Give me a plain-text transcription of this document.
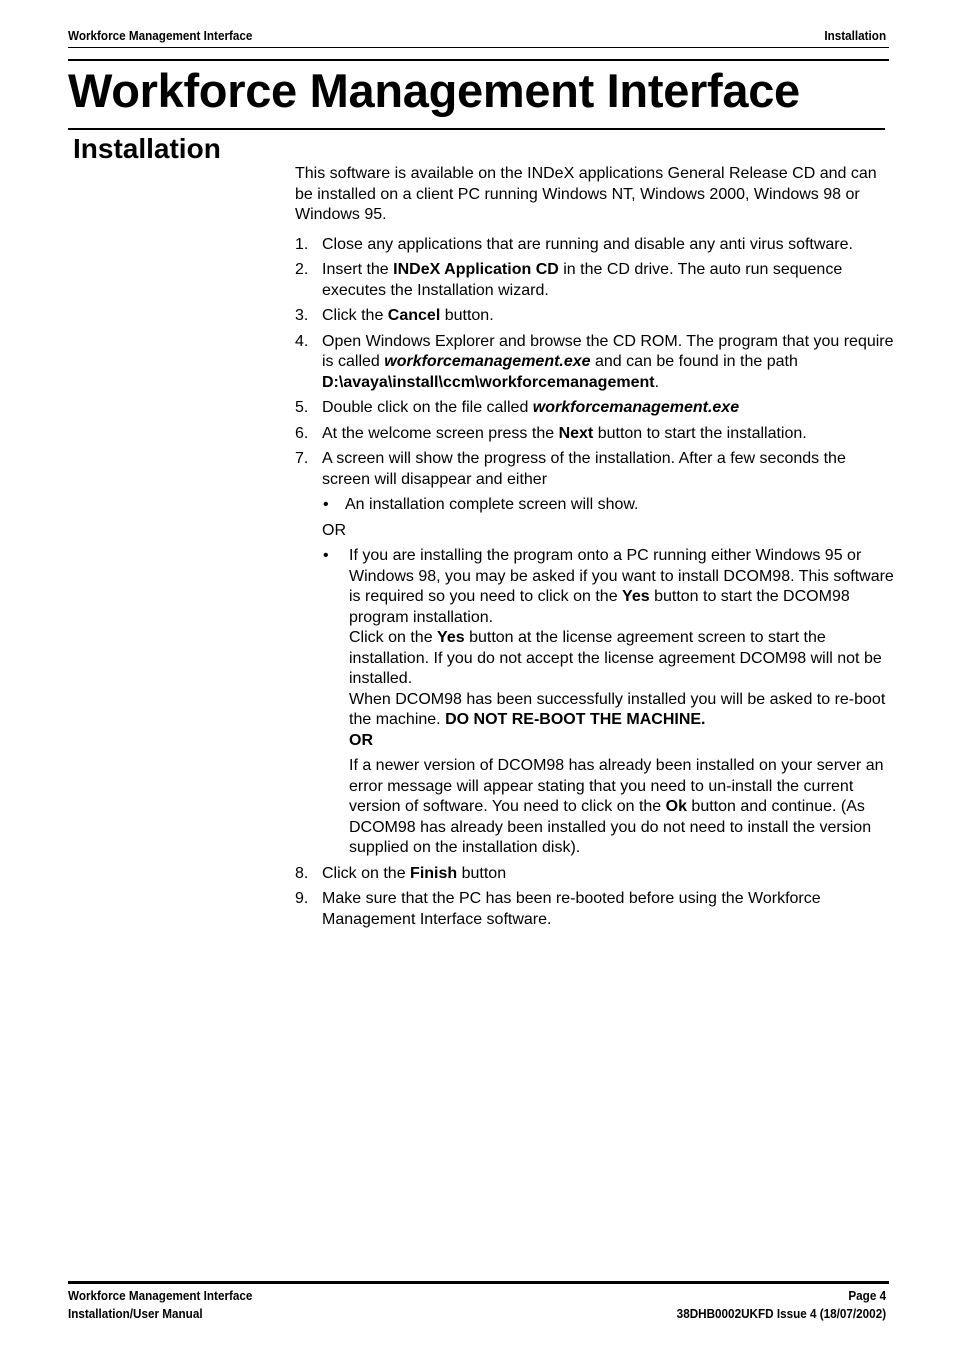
Workforce Management Interface	Installation
Workforce Management Interface
Installation

This software is available on the INDeX applications General Release CD and can be installed on a client PC running Windows NT, Windows 2000, Windows 98 or Windows 95.

1. Close any applications that are running and disable any anti virus software.
2. Insert the INDeX Application CD in the CD drive. The auto run sequence executes the Installation wizard.
3. Click the Cancel button.
4. Open Windows Explorer and browse the CD ROM. The program that you require is called workforcemanagement.exe and can be found in the path D:\avaya\install\ccm\workforcemanagement.
5. Double click on the file called workforcemanagement.exe
6. At the welcome screen press the Next button to start the installation.
7. A screen will show the progress of the installation. After a few seconds the screen will disappear and either
• An installation complete screen will show.
OR
• If you are installing the program onto a PC running either Windows 95 or Windows 98, you may be asked if you want to install DCOM98. This software is required so you need to click on the Yes button to start the DCOM98 program installation.
Click on the Yes button at the license agreement screen to start the installation. If you do not accept the license agreement DCOM98 will not be installed.
When DCOM98 has been successfully installed you will be asked to re-boot the machine. DO NOT RE-BOOT THE MACHINE.
OR
If a newer version of DCOM98 has already been installed on your server an error message will appear stating that you need to un-install the current version of software. You need to click on the Ok button and continue. (As DCOM98 has already been installed you do not need to install the version supplied on the installation disk).
8. Click on the Finish button
9. Make sure that the PC has been re-booted before using the Workforce Management Interface software.
Workforce Management Interface
Installation/User Manual
Page 4
38DHB0002UKFD Issue 4 (18/07/2002)
